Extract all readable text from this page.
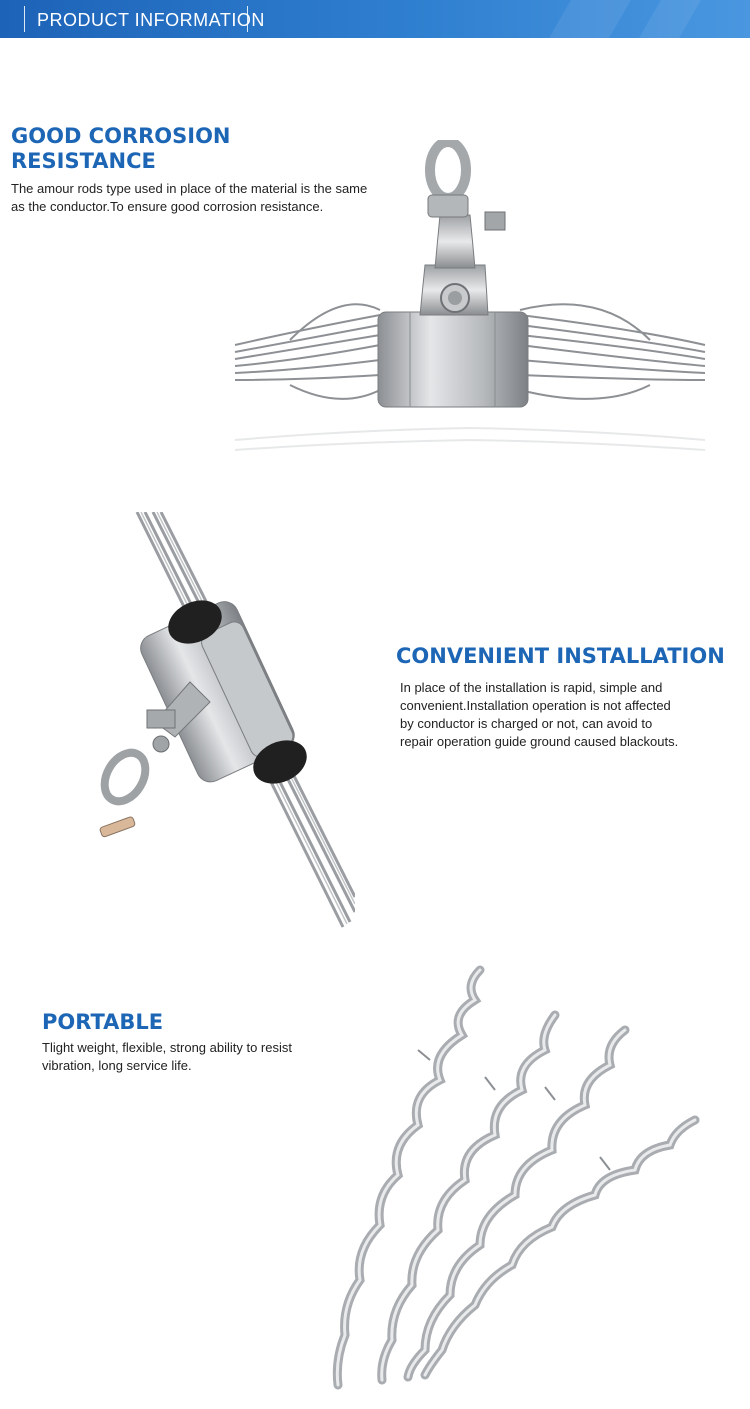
PRODUCT INFORMATION
GOOD CORROSION
RESISTANCE

The amour rods type used in place of the material is the same as the conductor.To ensure good corrosion resistance.

CONVENIENT INSTALLATION

In place of the installation is rapid, simple and convenient.Installation operation is not affected by conductor is charged or not, can avoid to repair operation guide ground caused blackouts.

PORTABLE

Tlight weight, flexible, strong ability to resist vibration, long service life.
